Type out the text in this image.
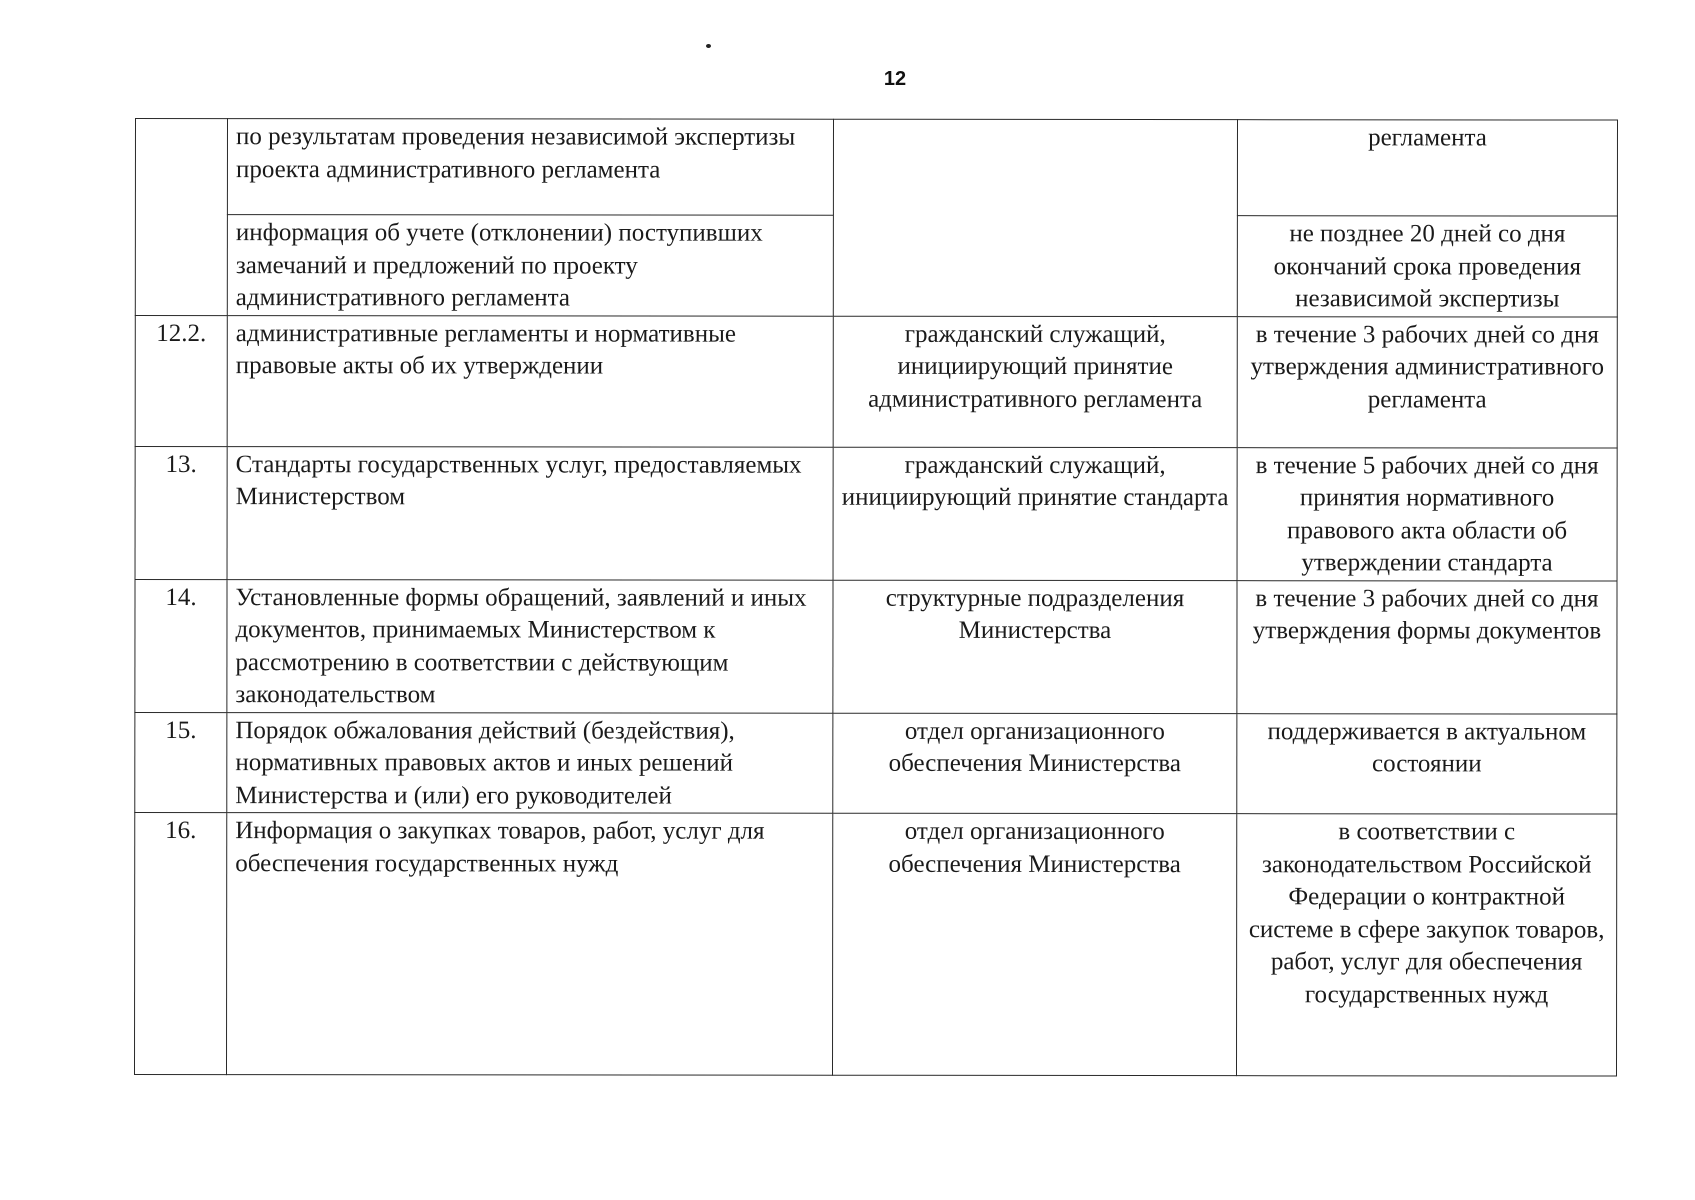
12
	по результатам проведения независимой экспертизы проекта административного регламента		регламента
	информация об учете (отклонении) поступивших замечаний и предложений по проекту административного регламента		не позднее 20 дней со дня окончаний срока проведения независимой экспертизы
12.2.	административные регламенты и нормативные правовые акты об их утверждении	гражданский служащий, инициирующий принятие административного регламента	в течение 3 рабочих дней со дня утверждения административного регламента
13.	Стандарты государственных услуг, предоставляемых Министерством	гражданский служащий, инициирующий принятие стандарта	в течение 5 рабочих дней со дня принятия нормативного правового акта области об утверждении стандарта
14.	Установленные формы обращений, заявлений и иных документов, принимаемых Министерством к рассмотрению в соответствии с действующим законодательством	структурные подразделения Министерства	в течение 3 рабочих дней со дня утверждения формы документов
15.	Порядок обжалования действий (бездействия), нормативных правовых актов и иных решений Министерства и (или) его руководителей	отдел организационного обеспечения Министерства	поддерживается в актуальном состоянии
16.	Информация о закупках товаров, работ, услуг для обеспечения государственных нужд	отдел организационного обеспечения Министерства	в соответствии с законодательством Российской Федерации о контрактной системе в сфере закупок товаров, работ, услуг для обеспечения государственных нужд
